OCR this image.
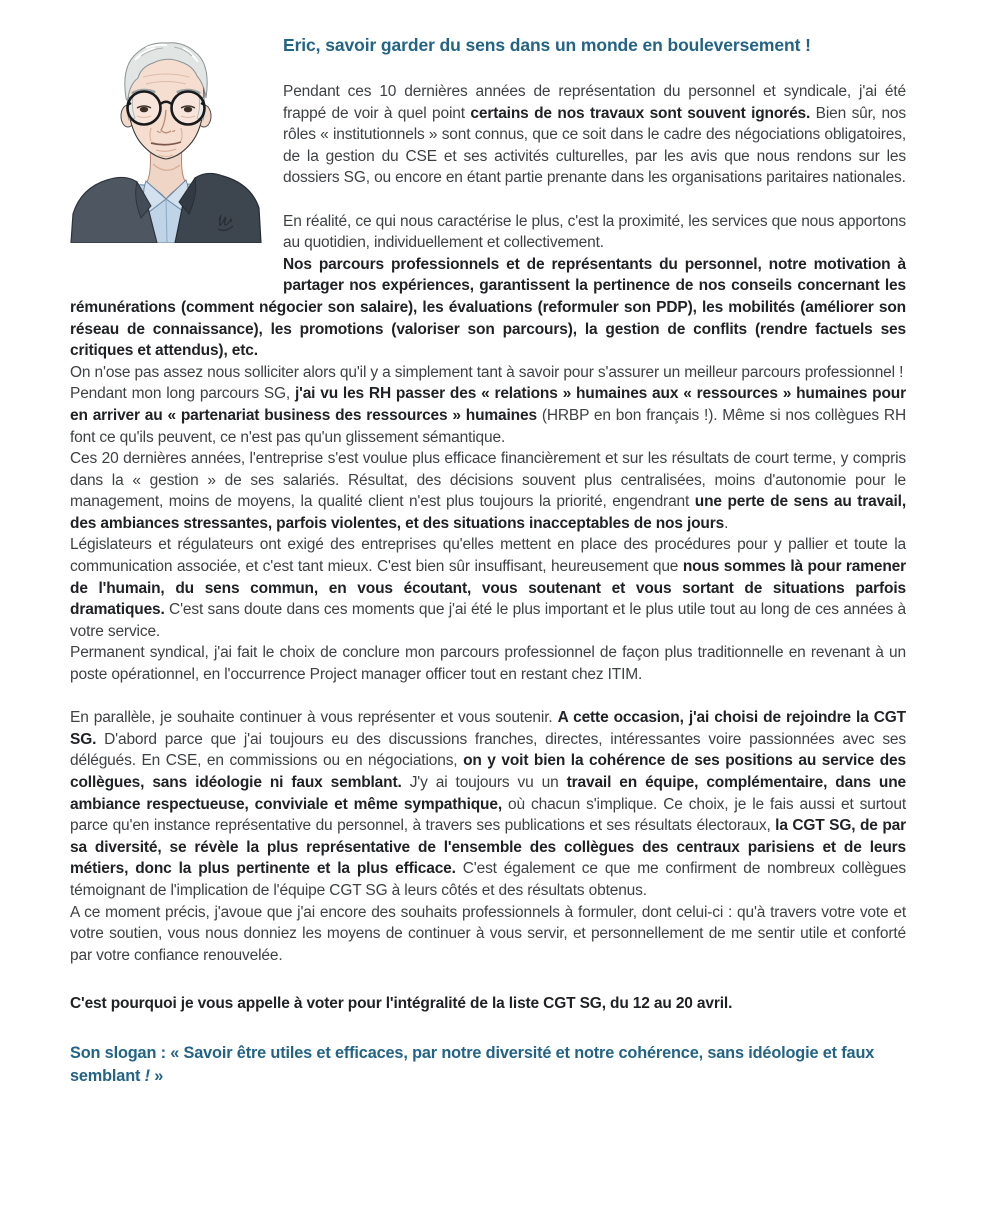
Eric, savoir garder du sens dans un monde en bouleversement !

Pendant ces 10 dernières années de représentation du personnel et syndicale, j'ai été frappé de voir à quel point certains de nos travaux sont souvent ignorés. Bien sûr, nos rôles « institutionnels » sont connus, que ce soit dans le cadre des négociations obligatoires, de la gestion du CSE et ses activités culturelles, par les avis que nous rendons sur les dossiers SG, ou encore en étant partie prenante dans les organisations paritaires nationales.

En réalité, ce qui nous caractérise le plus, c'est la proximité, les services que nous apportons au quotidien, individuellement et collectivement.

Nos parcours professionnels et de représentants du personnel, notre motivation à partager nos expériences, garantissent la pertinence de nos conseils concernant les rémunérations (comment négocier son salaire), les évaluations (reformuler son PDP), les mobilités (améliorer son réseau de connaissance), les promotions (valoriser son parcours), la gestion de conflits (rendre factuels ses critiques et attendus), etc.

On n'ose pas assez nous solliciter alors qu'il y a simplement tant à savoir pour s'assurer un meilleur parcours professionnel !

Pendant mon long parcours SG, j'ai vu les RH passer des « relations » humaines aux « ressources » humaines pour en arriver au « partenariat business des ressources » humaines (HRBP en bon français !). Même si nos collègues RH font ce qu'ils peuvent, ce n'est pas qu'un glissement sémantique.

Ces 20 dernières années, l'entreprise s'est voulue plus efficace financièrement et sur les résultats de court terme, y compris dans la « gestion » de ses salariés. Résultat, des décisions souvent plus centralisées, moins d'autonomie pour le management, moins de moyens, la qualité client n'est plus toujours la priorité, engendrant une perte de sens au travail, des ambiances stressantes, parfois violentes, et des situations inacceptables de nos jours.

Législateurs et régulateurs ont exigé des entreprises qu'elles mettent en place des procédures pour y pallier et toute la communication associée, et c'est tant mieux. C'est bien sûr insuffisant, heureusement que nous sommes là pour ramener de l'humain, du sens commun, en vous écoutant, vous soutenant et vous sortant de situations parfois dramatiques. C'est sans doute dans ces moments que j'ai été le plus important et le plus utile tout au long de ces années à votre service.

Permanent syndical, j'ai fait le choix de conclure mon parcours professionnel de façon plus traditionnelle en revenant à un poste opérationnel, en l'occurrence Project manager officer tout en restant chez ITIM.

En parallèle, je souhaite continuer à vous représenter et vous soutenir. A cette occasion, j'ai choisi de rejoindre la CGT SG. D'abord parce que j'ai toujours eu des discussions franches, directes, intéressantes voire passionnées avec ses délégués. En CSE, en commissions ou en négociations, on y voit bien la cohérence de ses positions au service des collègues, sans idéologie ni faux semblant. J'y ai toujours vu un travail en équipe, complémentaire, dans une ambiance respectueuse, conviviale et même sympathique, où chacun s'implique. Ce choix, je le fais aussi et surtout parce qu'en instance représentative du personnel, à travers ses publications et ses résultats électoraux, la CGT SG, de par sa diversité, se révèle la plus représentative de l'ensemble des collègues des centraux parisiens et de leurs métiers, donc la plus pertinente et la plus efficace. C'est également ce que me confirment de nombreux collègues témoignant de l'implication de l'équipe CGT SG à leurs côtés et des résultats obtenus.

A ce moment précis, j'avoue que j'ai encore des souhaits professionnels à formuler, dont celui-ci : qu'à travers votre vote et votre soutien, vous nous donniez les moyens de continuer à vous servir, et personnellement de me sentir utile et conforté par votre confiance renouvelée.

C'est pourquoi je vous appelle à voter pour l'intégralité de la liste CGT SG, du 12 au 20 avril.

Son slogan : « Savoir être utiles et efficaces, par notre diversité et notre cohérence, sans idéologie et faux semblant ! »
